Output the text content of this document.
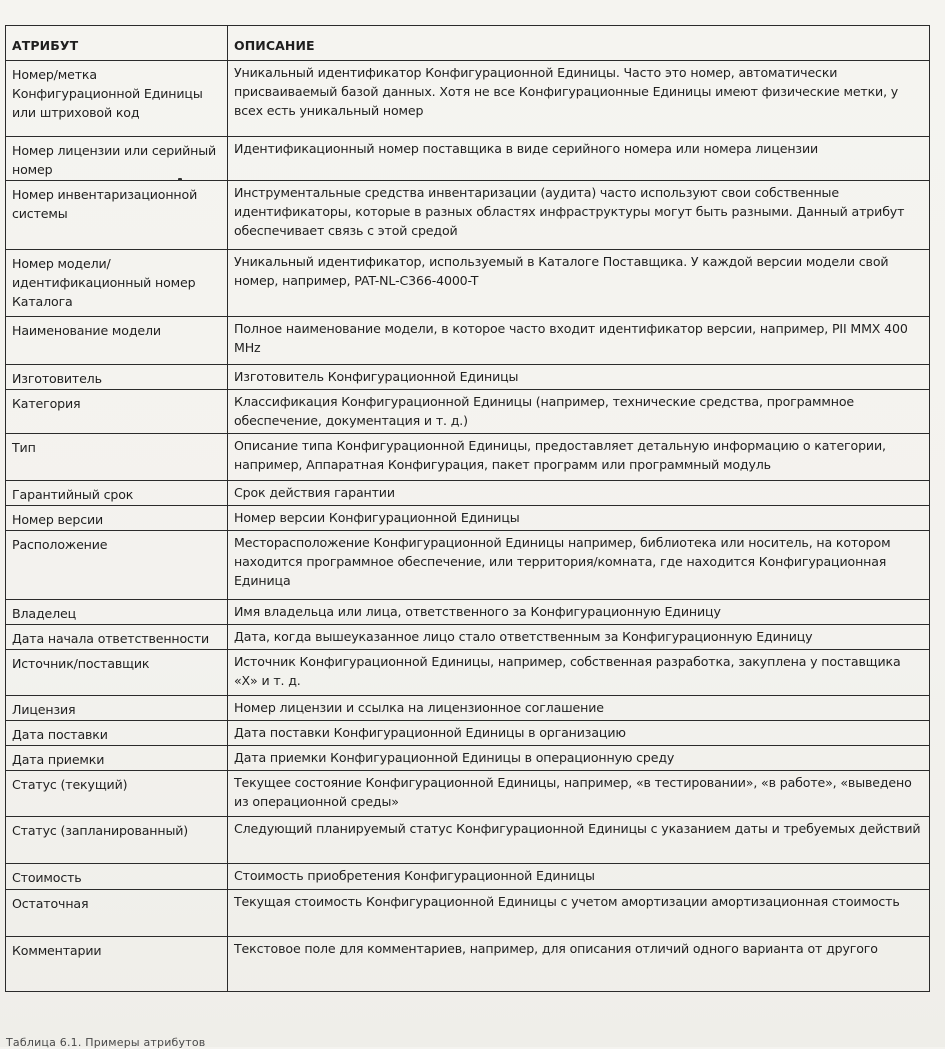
АТРИБУТ	ОПИСАНИЕ
Номер/метка Конфигурационной Единицы или штриховой код	Уникальный идентификатор Конфигурационной Единицы. Часто это номер, автоматически присваиваемый базой данных. Хотя не все Конфигурационные Единицы имеют физические метки, у всех есть уникальный номер
Номер лицензии или серийный номер	Идентификационный номер поставщика в виде серийного номера или номера лицензии
Номер инвентаризационной системы	Инструментальные средства инвентаризации (аудита) часто используют свои собственные идентификаторы, которые в разных областях инфраструктуры могут быть разными. Данный атрибут обеспечивает связь с этой средой
Номер модели/ идентификационный номер Каталога	Уникальный идентификатор, используемый в Каталоге Поставщика. У каждой версии модели свой номер, например, PAT-NL-C366-4000-T
Наименование модели	Полное наименование модели, в которое часто входит идентификатор версии, например, PII MMX 400 MHz
Изготовитель	Изготовитель Конфигурационной Единицы
Категория	Классификация Конфигурационной Единицы (например, технические средства, программное обеспечение, документация и т. д.)
Тип	Описание типа Конфигурационной Единицы, предоставляет детальную информацию о категории, например, Аппаратная Конфигурация, пакет программ или программный модуль
Гарантийный срок	Срок действия гарантии
Номер версии	Номер версии Конфигурационной Единицы
Расположение	Месторасположение Конфигурационной Единицы например, библиотека или носитель, на котором находится программное обеспечение, или территория/комната, где находится Конфигурационная Единица
Владелец	Имя владельца или лица, ответственного за Конфигурационную Единицу
Дата начала ответственности	Дата, когда вышеуказанное лицо стало ответственным за Конфигурационную Единицу
Источник/поставщик	Источник Конфигурационной Единицы, например, собственная разработка, закуплена у поставщика «X» и т. д.
Лицензия	Номер лицензии и ссылка на лицензионное соглашение
Дата поставки	Дата поставки Конфигурационной Единицы в организацию
Дата приемки	Дата приемки Конфигурационной Единицы в операционную среду
Статус (текущий)	Текущее состояние Конфигурационной Единицы, например, «в тестировании», «в работе», «выведено из операционной среды»
Статус (запланированный)	Следующий планируемый статус Конфигурационной Единицы с указанием даты и требуемых действий
Стоимость	Стоимость приобретения Конфигурационной Единицы
Остаточная	Текущая стоимость Конфигурационной Единицы с учетом амортизации амортизационная стоимость
Комментарии	Текстовое поле для комментариев, например, для описания отличий одного варианта от другого
Таблица 6.1. Примеры атрибутов
